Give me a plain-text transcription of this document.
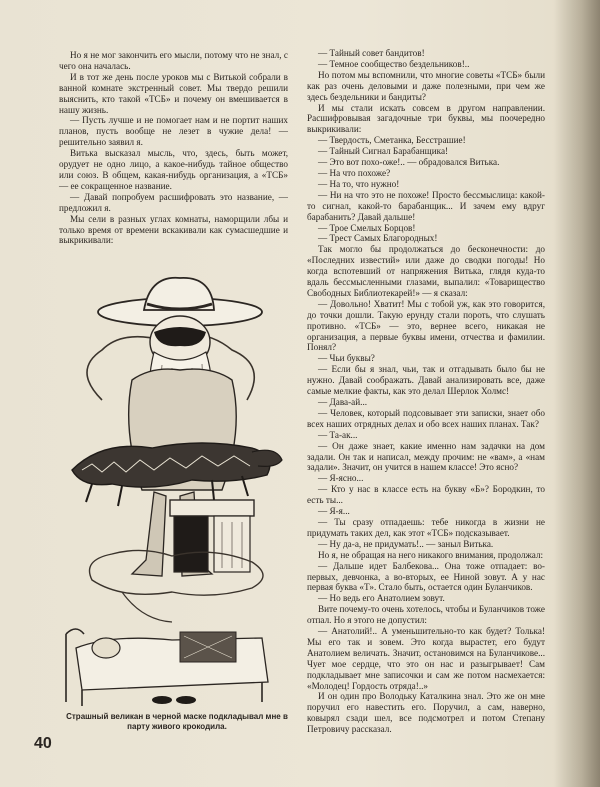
Но я не мог закончить его мысли, потому что не знал, с чего она началась.

И в тот же день после уроков мы с Витькой собрали в ванной комнате экстренный совет. Мы твердо решили выяснить, кто такой «ТСБ» и почему он вмешивается в нашу жизнь.

— Пусть лучше и не помогает нам и не портит наших планов, пусть вообще не лезет в чужие дела! — решительно заявил я.

Витька высказал мысль, что, здесь, быть может, орудует не одно лицо, а какое-нибудь тайное общество или союз. В общем, какая-нибудь организация, а «ТСБ» — ее сокращенное название.

— Давай попробуем расшифровать это название, — предложил я.

Мы сели в разных углах комнаты, наморщили лбы и только время от времени вскакивали как сумасшедшие и выкрикивали:

Страшный великан в черной маске подкладывал мне в парту живого крокодила.
40

— Тайный совет бандитов!

— Темное сообщество бездельников!..

Но потом мы вспомнили, что многие советы «ТСБ» были как раз очень деловыми и даже полезными, при чем же здесь бездельники и бандиты?

И мы стали искать совсем в другом направлении. Расшифровывая загадочные три буквы, мы поочередно выкрикивали:

— Твердость, Сметанка, Бесстрашие!

— Тайный Сигнал Барабанщика!

— Это вот похо-оже!.. — обрадовался Витька.

— На что похоже?

— На то, что нужно!

— Ни на что это не похоже! Просто бессмыслица: какой-то сигнал, какой-то барабанщик... И зачем ему вдруг барабанить? Давай дальше!

— Трое Смелых Борцов!

— Трест Самых Благородных!

Так могло бы продолжаться до бесконечности: до «Последних известий» или даже до сводки погоды! Но когда вспотевший от напряжения Витька, глядя куда-то вдаль бессмысленными глазами, выпалил: «Товарищество Свободных Библиотекарей!» — я сказал:

— Довольно! Хватит! Мы с тобой уж, как это говорится, до точки дошли. Такую ерунду стали пороть, что слушать противно. «ТСБ» — это, вернее всего, никакая не организация, а первые буквы имени, отчества и фамилии. Понял?

— Чьи буквы?

— Если бы я знал, чьи, так и отгадывать было бы не нужно. Давай соображать. Давай анализировать все, даже самые мелкие факты, как это делал Шерлок Холмс!

— Дава-ай...

— Человек, который подсовывает эти записки, знает обо всех наших отрядных делах и обо всех наших планах. Так?

— Та-ак...

— Он даже знает, какие именно нам задачки на дом задали. Он так и написал, между прочим: не «вам», а «нам задали». Значит, он учится в нашем классе! Это ясно?

— Я-ясно...

— Кто у нас в классе есть на букву «Б»? Бородкин, то есть ты...

— Я-я...

— Ты сразу отпадаешь: тебе никогда в жизни не придумать таких дел, как этот «ТСБ» подсказывает.

— Ну да-а, не придумать!.. — заныл Витька.

Но я, не обращая на него никакого внимания, продолжал:

— Дальше идет Балбекова... Она тоже отпадает: во-первых, девчонка, а во-вторых, ее Ниной зовут. А у нас первая буква «Т». Стало быть, остается один Буланчиков.

— Но ведь его Анатолием зовут.

Вите почему-то очень хотелось, чтобы и Буланчиков тоже отпал. Но я этого не допустил:

— Анатолий!.. А уменьшительно-то как будет? Толька! Мы его так и зовем. Это когда вырастет, его будут Анатолием величать. Значит, остановимся на Буланчикове... Чует мое сердце, что это он нас и разыгрывает! Сам подкладывает мне записочки и сам же потом насмехается: «Молодец! Гордость отряда!..»

И он один про Володьку Каталкина знал. Это же он мне поручил его навестить его. Поручил, а сам, наверно, ковырял сзади шел, все подсмотрел и потом Степану Петровичу рассказал.
